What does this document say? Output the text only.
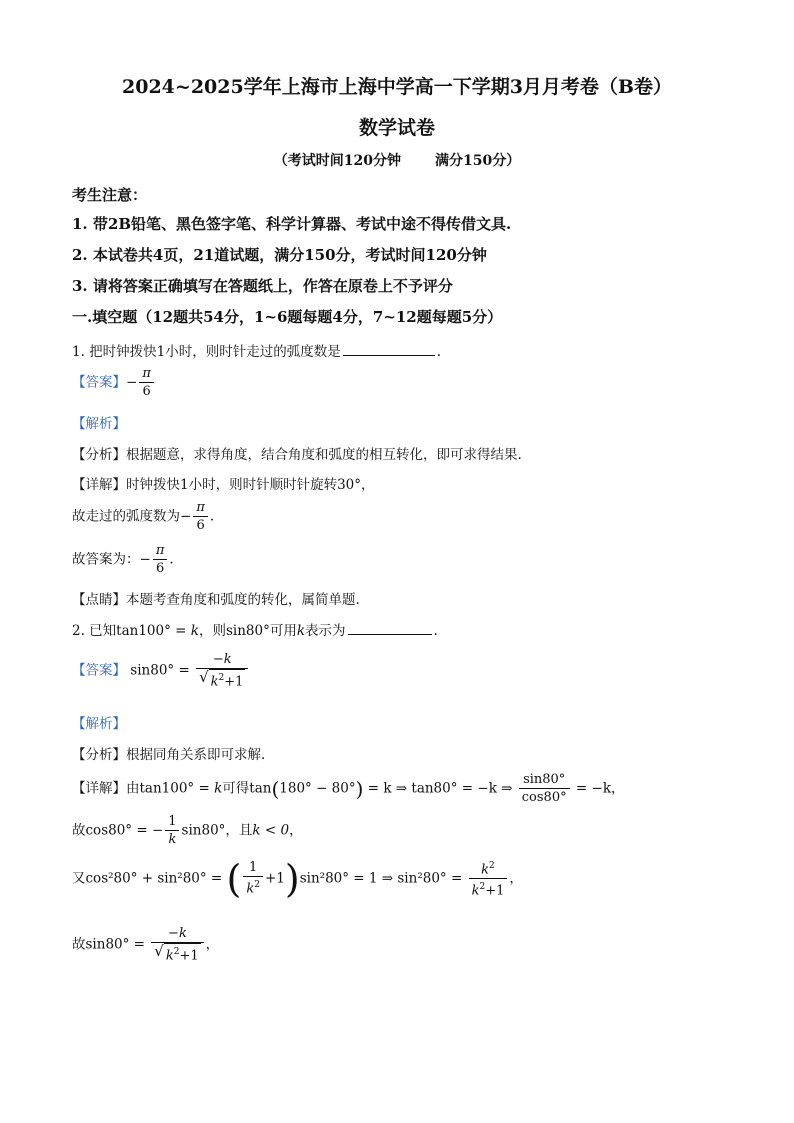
2024~2025学年上海市上海中学高一下学期3月月考卷（B卷）
数学试卷
（考试时间120分钟 满分150分）
考生注意：
1. 带2B铅笔、黑色签字笔、科学计算器、考试中途不得传借文具.
2. 本试卷共4页，21道试题，满分150分，考试时间120分钟
3. 请将答案正确填写在答题纸上，作答在原卷上不予评分
一.填空题（12题共54分，1~6题每题4分，7~12题每题5分）
1. 把时钟拨快1小时，则时针走过的弧度数是	.
【答案】− $\frac{\pi}{6}$
【解析】
【分析】根据题意，求得角度，结合角度和弧度的相互转化，即可求得结果.
【详解】时钟拨快1小时，则时针顺时针旋转30°，
故走过的弧度数为− $\frac{\pi}{6}$ .
故答案为：− $\frac{\pi}{6}$ .
【点睛】本题考查角度和弧度的转化，属简单题.
2. 已知tan100° = k，则sin80°可用k表示为	.
【答案】 $\sin 80^\circ = \frac{-k}{√ k^2+1}$
【解析】
【分析】根据同角关系即可求解.
【详解】由tan100° = k可得tan(180° − 80°) = k ⇒ tan80° = −k ⇒ $\frac{\sin 80^\circ}{\cos 80^\circ} = -k$，
故cos80° = − $\frac{1}{k} \sin 80^\circ$，且k < 0，
又cos²80° + sin²80° = ( $\frac{1}{k^2} +1)\sin^280^\circ = 1$ ⇒ $\sin^280^\circ = \frac{k^2}{k^2+1}$ ，
故$\sin 80^\circ = \frac{-k}{√ k^2+1}$ ，
